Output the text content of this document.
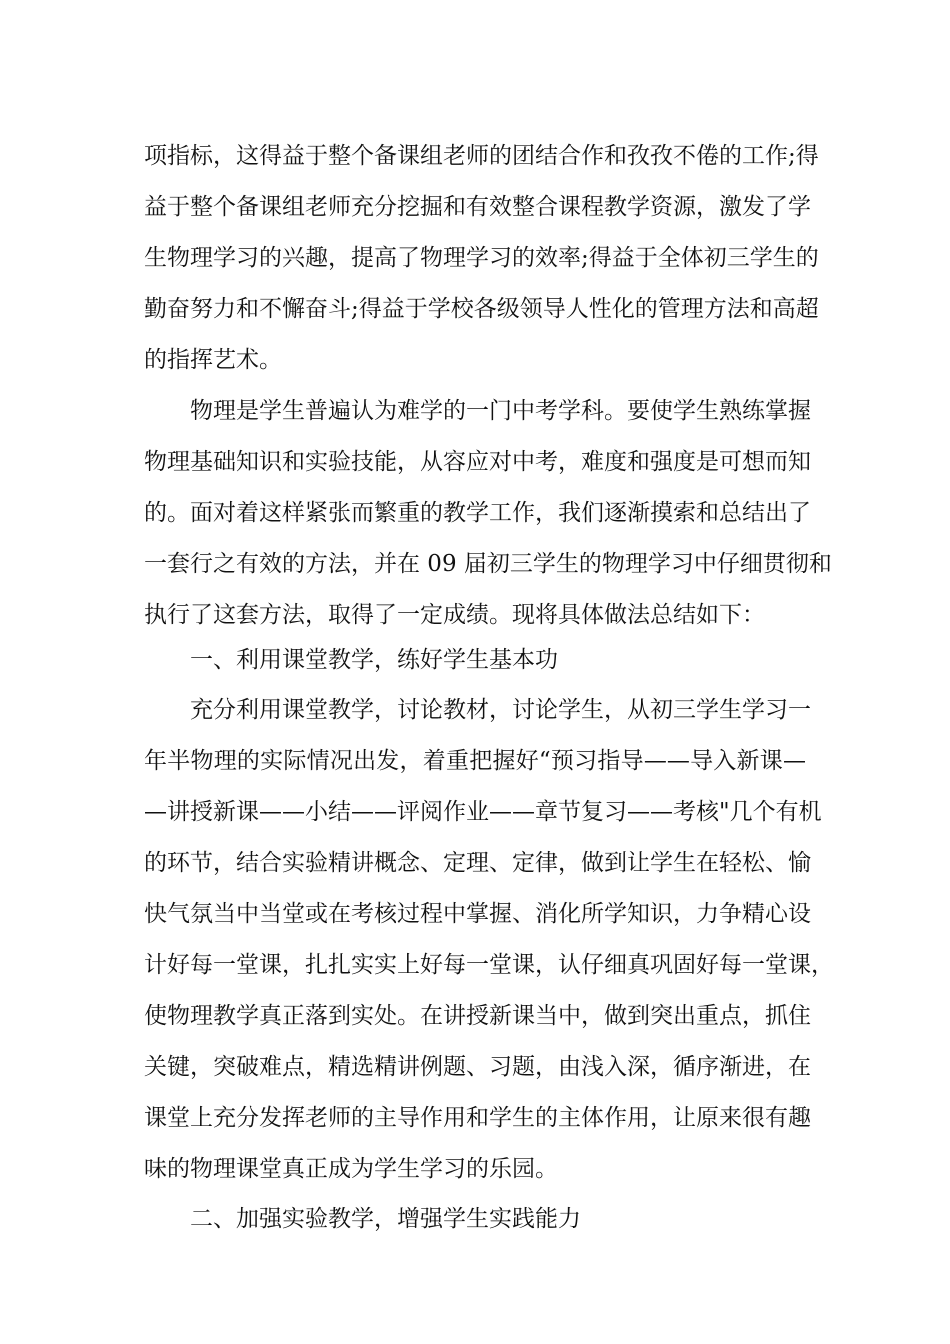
项指标，这得益于整个备课组老师的团结合作和孜孜不倦的工作;得
益于整个备课组老师充分挖掘和有效整合课程教学资源，激发了学
生物理学习的兴趣，提高了物理学习的效率;得益于全体初三学生的
勤奋努力和不懈奋斗;得益于学校各级领导人性化的管理方法和高超
的指挥艺术。
物理是学生普遍认为难学的一门中考学科。要使学生熟练掌握
物理基础知识和实验技能，从容应对中考，难度和强度是可想而知
的。面对着这样紧张而繁重的教学工作，我们逐渐摸索和总结出了
一套行之有效的方法，并在 09 届初三学生的物理学习中仔细贯彻和
执行了这套方法，取得了一定成绩。现将具体做法总结如下：
一、利用课堂教学，练好学生基本功
充分利用课堂教学，讨论教材，讨论学生，从初三学生学习一
年半物理的实际情况出发，着重把握好“预习指导——导入新课—
—讲授新课——小结——评阅作业——章节复习——考核"几个有机
的环节，结合实验精讲概念、定理、定律，做到让学生在轻松、愉
快气氛当中当堂或在考核过程中掌握、消化所学知识，力争精心设
计好每一堂课，扎扎实实上好每一堂课，认仔细真巩固好每一堂课，
使物理教学真正落到实处。在讲授新课当中，做到突出重点，抓住
关键，突破难点，精选精讲例题、习题，由浅入深，循序渐进，在
课堂上充分发挥老师的主导作用和学生的主体作用，让原来很有趣
味的物理课堂真正成为学生学习的乐园。
二、加强实验教学，增强学生实践能力
